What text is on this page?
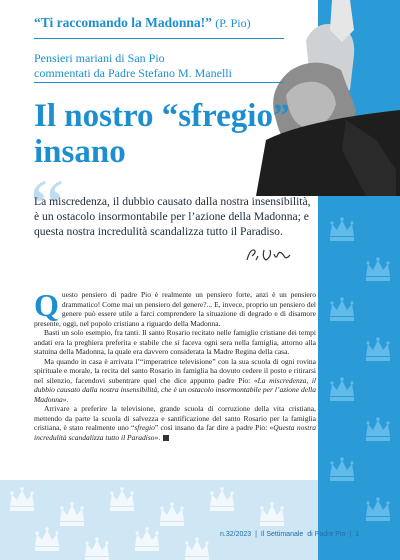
“Ti raccomando la Madonna!” (P. Pio)
Pensieri mariani di San Pio
commentati da Padre Stefano M. Manelli
Il nostro “sfregio”
insano
“
La miscredenza, il dubbio causato dalla nostra insensibilità, è un ostacolo insormontabile per l’azione della Madonna; e questa nostra incredulità scandalizza tutto il Paradiso.

Questo pensiero di padre Pio è realmente un pensiero forte, anzi è un pensiero drammatico! Come mai un pensiero del genere?... E, invece, proprio un pensiero del genere può essere utile a farci comprendere la situazione di degrado e di disamore presente, oggi, nel popolo cristiano a riguardo della Madonna.

Basti un solo esempio, fra tanti. Il santo Rosario recitato nelle famiglie cristiane dei tempi andati era la preghiera preferita e stabile che si faceva ogni sera nella famiglia, attorno alla statuina della Madonna, la quale era davvero considerata la Madre Regina della casa.

Ma quando in casa è arrivata l’“imperatrice televisione” con la sua scuola di ogni rovina spirituale e morale, la recita del santo Rosario in famiglia ha dovuto cedere il posto e ritirarsi nel silenzio, facendovi subentrare quel che dice appunto padre Pio: «La miscredenza, il dubbio causato dalla nostra insensibilità, che è un ostacolo insormontabile per l’azione della Madonna».

Arrivare a preferire la televisione, grande scuola di corruzione della vita cristiana, mettendo da parte la scuola di salvezza e santificazione del santo Rosario per la famiglia cristiana, è stato realmente uno “sfregio” così insano da far dire a padre Pio: «Questa nostra incredulità scandalizza tutto il Paradiso».

n.32/2023 | Il Settimanale di Padre Pio | 1
